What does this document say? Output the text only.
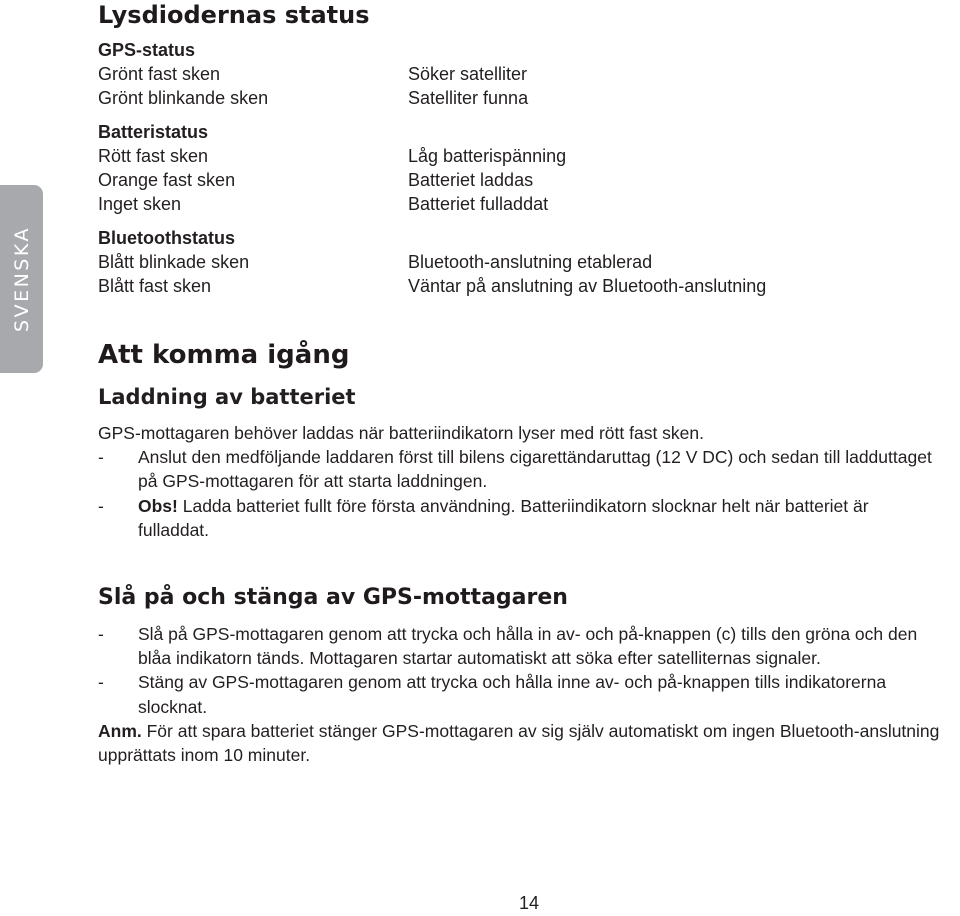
SVENSKA
Lysdiodernas status
GPS-status
Grönt fast sken	Söker satelliter
Grönt blinkande sken	Satelliter funna
Batteristatus
Rött fast sken	Låg batterispänning
Orange fast sken	Batteriet laddas
Inget sken	Batteriet fulladdat
Bluetoothstatus
Blått blinkade sken	Bluetooth-anslutning etablerad
Blått fast sken	Väntar på anslutning av Bluetooth-anslutning
Att komma igång
Laddning av batteriet
GPS-mottagaren behöver laddas när batteriindikatorn lyser med rött fast sken.
- Anslut den medföljande laddaren först till bilens cigarettändaruttag (12 V DC) och sedan till ladduttaget på GPS-mottagaren för att starta laddningen.
- Obs! Ladda batteriet fullt före första användning. Batteriindikatorn slocknar helt när batteriet är fulladdat.
Slå på och stänga av GPS-mottagaren
- Slå på GPS-mottagaren genom att trycka och hålla in av- och på-knappen (c) tills den gröna och den blåa indikatorn tänds. Mottagaren startar automatiskt att söka efter satelliternas signaler.
- Stäng av GPS-mottagaren genom att trycka och hålla inne av- och på-knappen tills indikatorerna slocknat.
Anm. För att spara batteriet stänger GPS-mottagaren av sig själv automatiskt om ingen Bluetooth-anslutning upprättats inom 10 minuter.
14
